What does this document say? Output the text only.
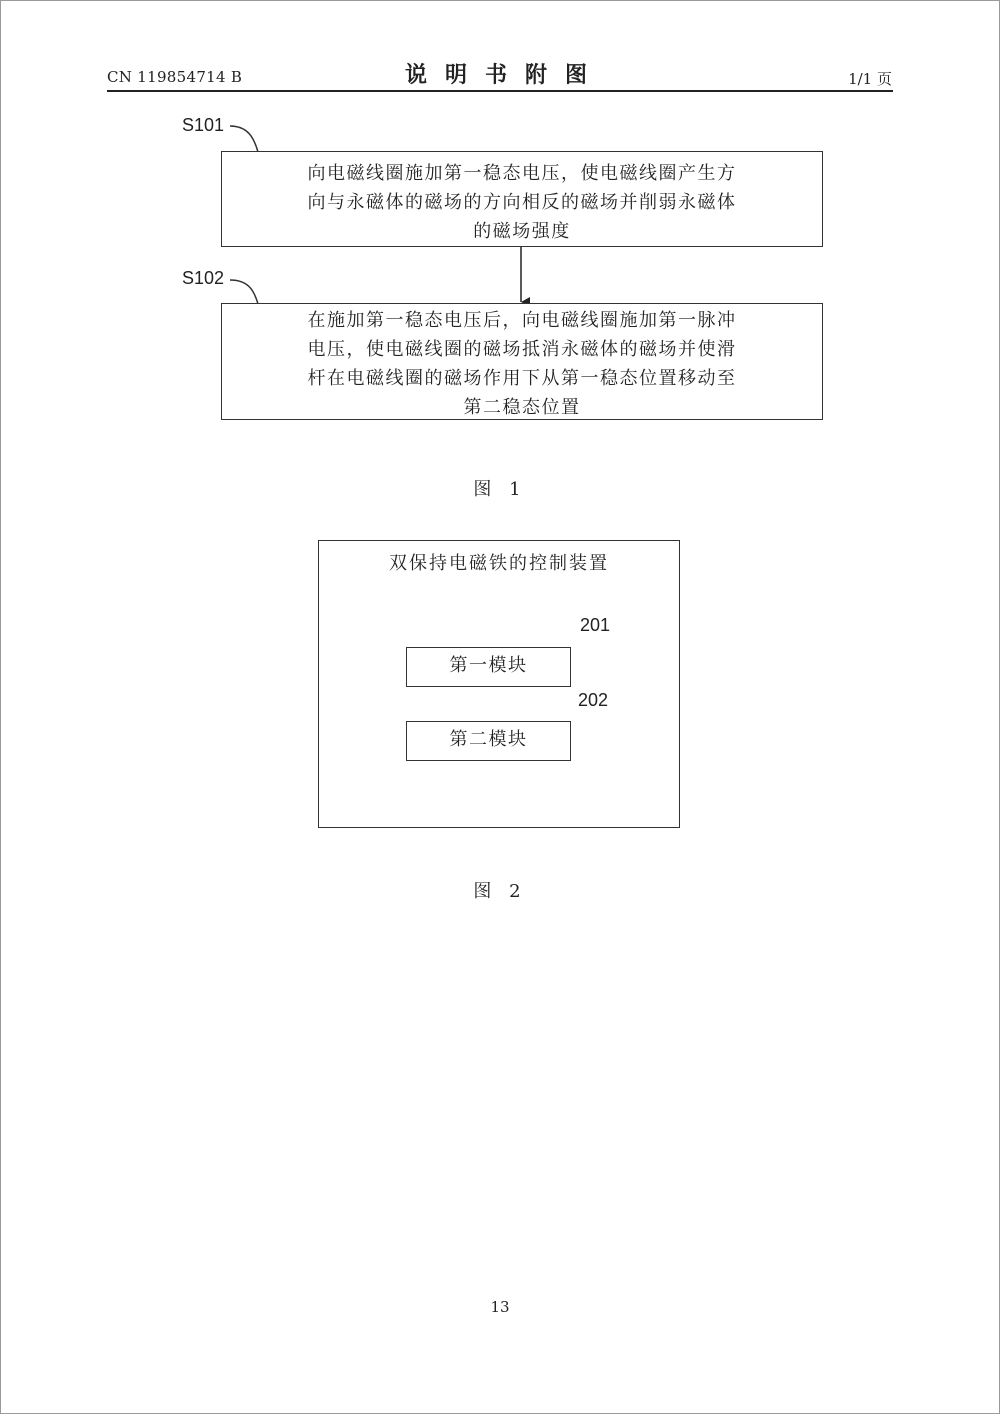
CN 119854714 B	说明书附图	1/1 页
S101
向电磁线圈施加第一稳态电压，使电磁线圈产生方
向与永磁体的磁场的方向相反的磁场并削弱永磁体
的磁场强度
S102
在施加第一稳态电压后，向电磁线圈施加第一脉冲
电压，使电磁线圈的磁场抵消永磁体的磁场并使滑
杆在电磁线圈的磁场作用下从第一稳态位置移动至
第二稳态位置
图 1
双保持电磁铁的控制装置
201
第一模块
202
第二模块
图 2
13
